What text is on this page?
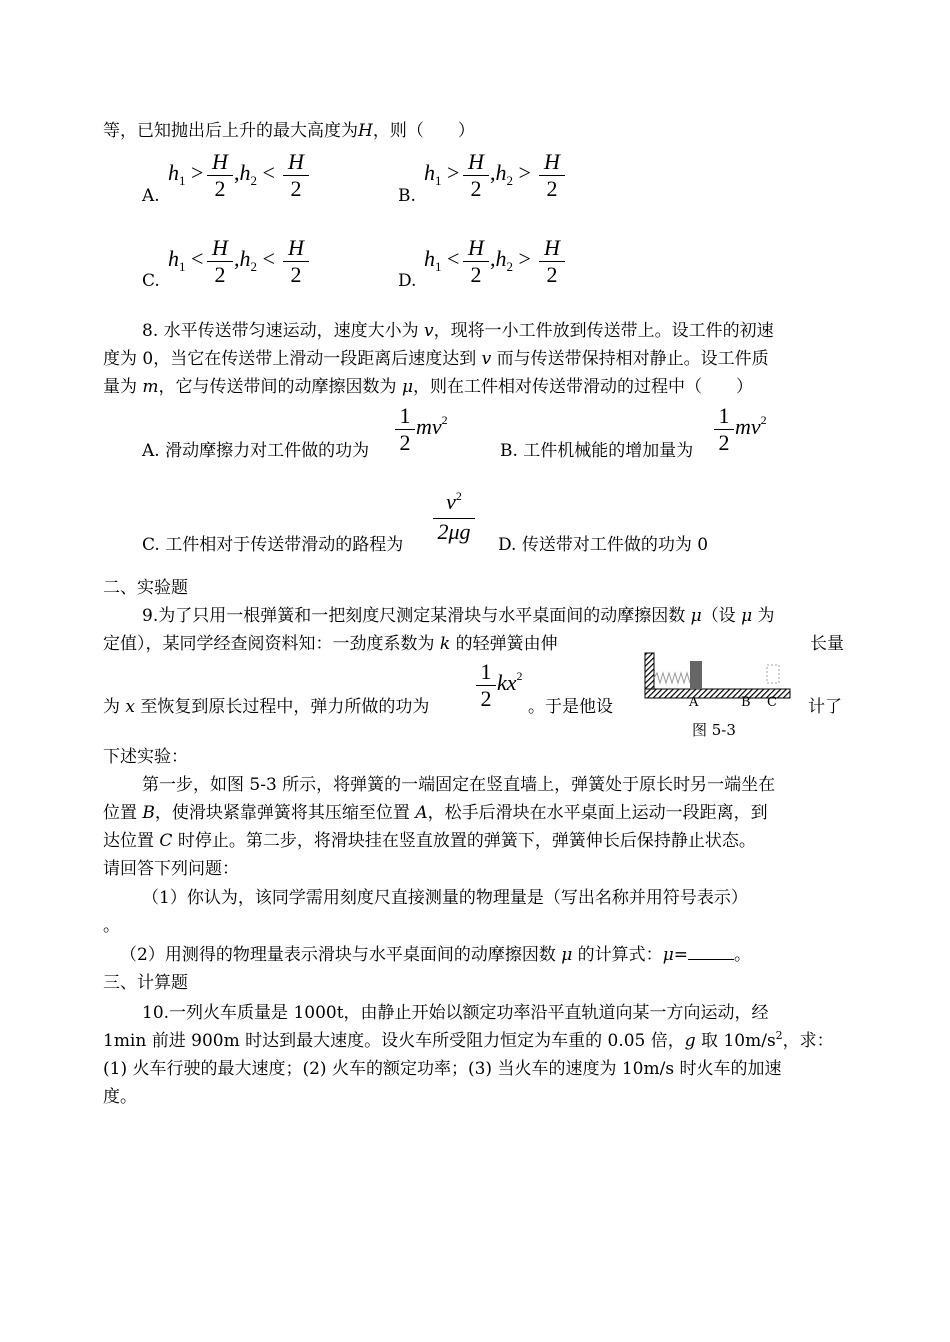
等，已知抛出后上升的最大高度为H，则（　　）
A.
$h_1 > H$
2
$,h_2 < H$
2	B.
$h_1 > H$
2
$,h_2 > H$
2
C.
$h_1 < H$
2
$,h_2 < H$
2	D.
$h_1 < H$
2
$,h_2 > H$
2
8. 水平传送带匀速运动，速度大小为 v，现将一小工件放到传送带上。设工件的初速
度为 0，当它在传送带上滑动一段距离后速度达到 v 而与传送带保持相对静止。设工件质
量为 m，它与传送带间的动摩擦因数为 μ，则在工件相对传送带滑动的过程中（　　）
A. 滑动摩擦力对工件做的功为
1
2
$mv^2$
B. 工件机械能的增加量为
1
2
$mv^2$
C. 工件相对于传送带滑动的路程为
$v^2$
2μg
D. 传送带对工件做的功为 0
二、实验题
9.为了只用一根弹簧和一把刻度尺测定某滑块与水平桌面间的动摩擦因数 μ（设 μ 为
定值），某同学经查阅资料知：一劲度系数为 k 的轻弹簧由伸	长量
为 x 至恢复到原长过程中，弹力所做的功为
1
2
$kx^2$
。于是他设	计了
A	B C
图 5-3
下述实验：
第一步，如图 5-3 所示，将弹簧的一端固定在竖直墙上，弹簧处于原长时另一端坐在
位置 B，使滑块紧靠弹簧将其压缩至位置 A，松手后滑块在水平桌面上运动一段距离，到
达位置 C 时停止。第二步，将滑块挂在竖直放置的弹簧下，弹簧伸长后保持静止状态。
请回答下列问题：
（1）你认为，该同学需用刻度尺直接测量的物理量是（写出名称并用符号表示）
。
（2）用测得的物理量表示滑块与水平桌面间的动摩擦因数 μ 的计算式：μ=	。
三、计算题
10.一列火车质量是 1000t，由静止开始以额定功率沿平直轨道向某一方向运动，经
1min 前进 900m 时达到最大速度。设火车所受阻力恒定为车重的 0.05 倍，g 取 $10m/s^2$，求：
(1) 火车行驶的最大速度；(2) 火车的额定功率；(3) 当火车的速度为 10m/s 时火车的加速
度。
